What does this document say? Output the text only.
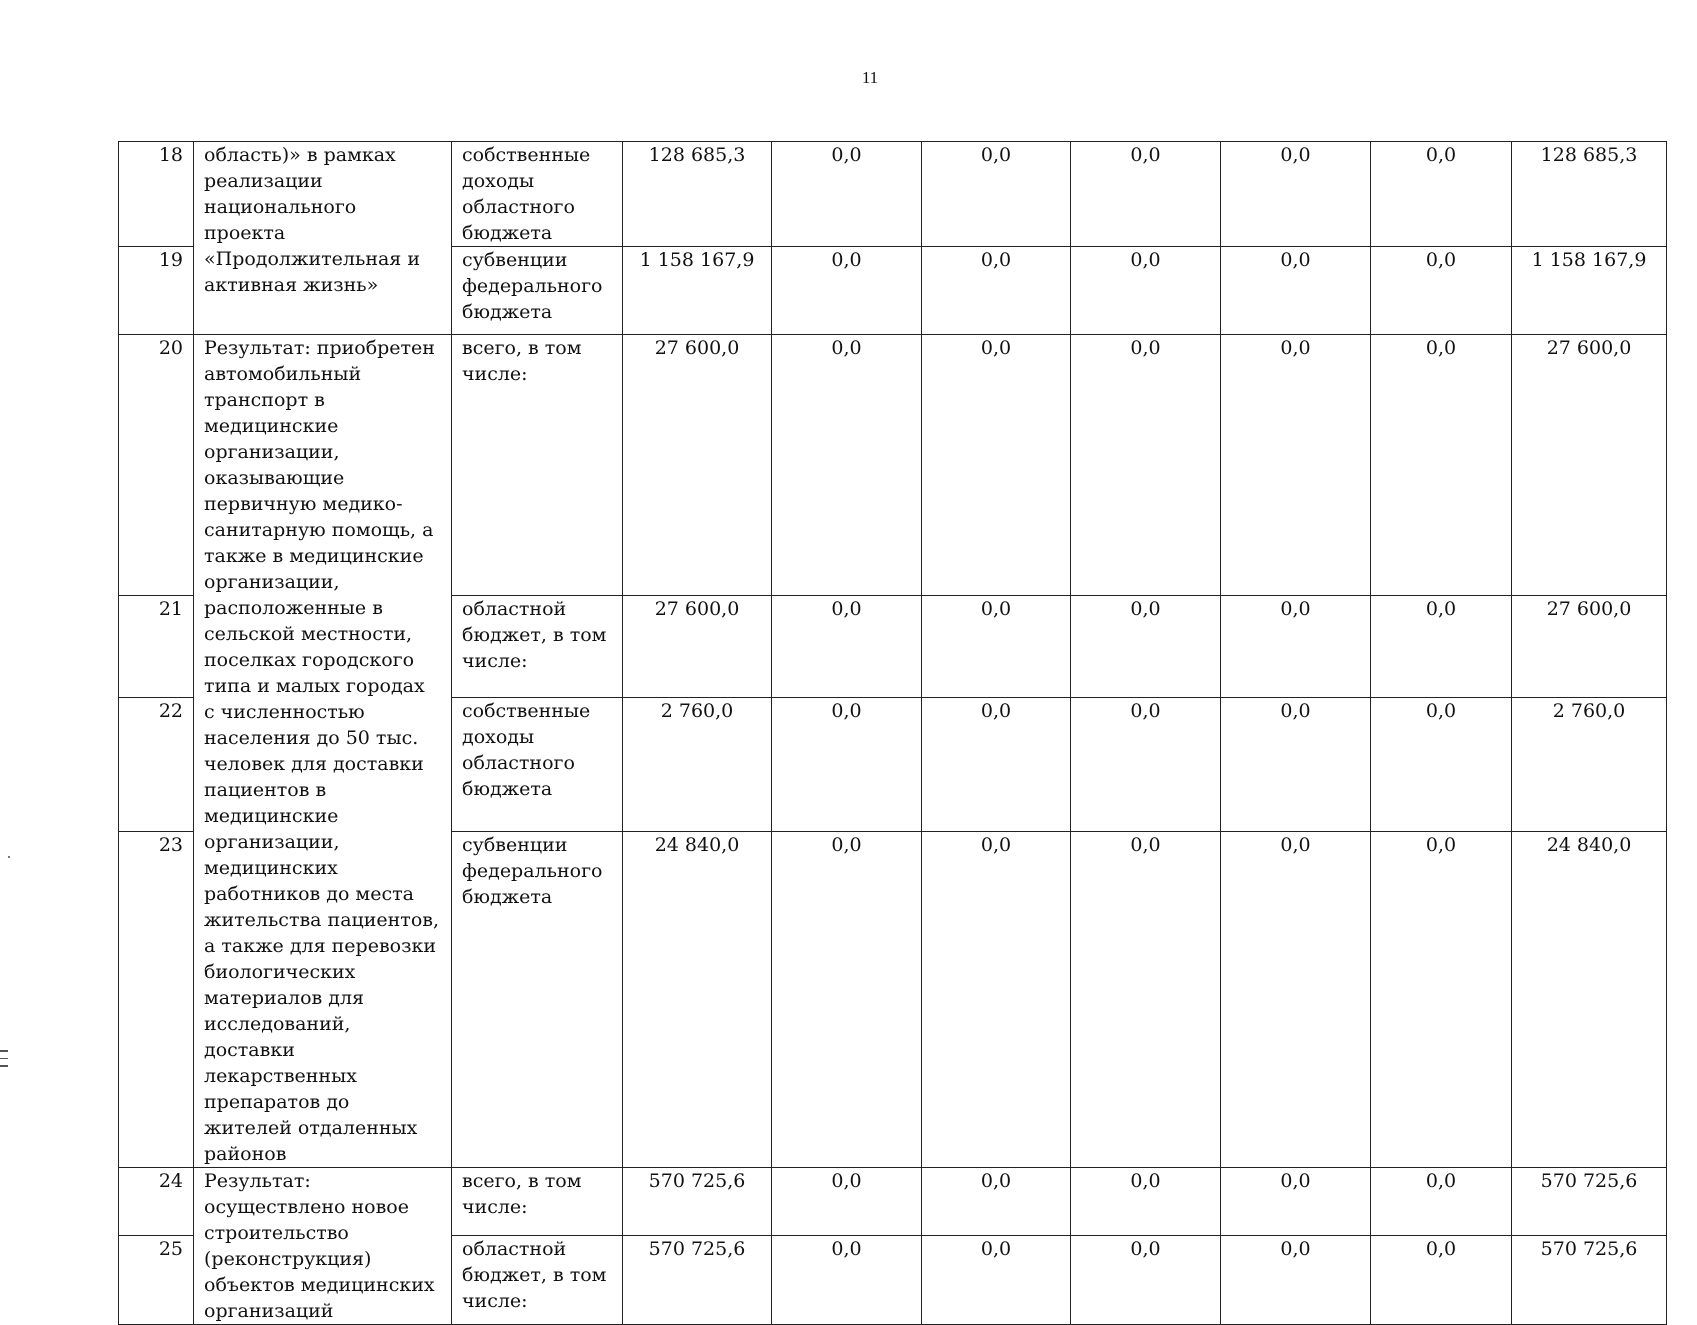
11
18	область)» в рамках реализации национального проекта «Продолжительная и активная жизнь»	собственные доходы областного бюджета	128 685,3	0,0	0,0	0,0	0,0	0,0	128 685,3
19		субвенции федерального бюджета	1 158 167,9	0,0	0,0	0,0	0,0	0,0	1 158 167,9
20	Результат: приобретен автомобильный транспорт в медицинские организации, оказывающие первичную медико-санитарную помощь, а также в медицинские организации, расположенные в сельской местности, поселках городского типа и малых городах с численностью населения до 50 тыс. человек для доставки пациентов в медицинские организации, медицинских работников до места жительства пациентов, а также для перевозки биологических материалов для исследований, доставки лекарственных препаратов до жителей отдаленных районов	всего, в том числе:	27 600,0	0,0	0,0	0,0	0,0	0,0	27 600,0
21		областной бюджет, в том числе:	27 600,0	0,0	0,0	0,0	0,0	0,0	27 600,0
22		собственные доходы областного бюджета	2 760,0	0,0	0,0	0,0	0,0	0,0	2 760,0
23		субвенции федерального бюджета	24 840,0	0,0	0,0	0,0	0,0	0,0	24 840,0
24	Результат: осуществлено новое строительство (реконструкция) объектов медицинских организаций	всего, в том числе:	570 725,6	0,0	0,0	0,0	0,0	0,0	570 725,6
25		областной бюджет, в том числе:	570 725,6	0,0	0,0	0,0	0,0	0,0	570 725,6
